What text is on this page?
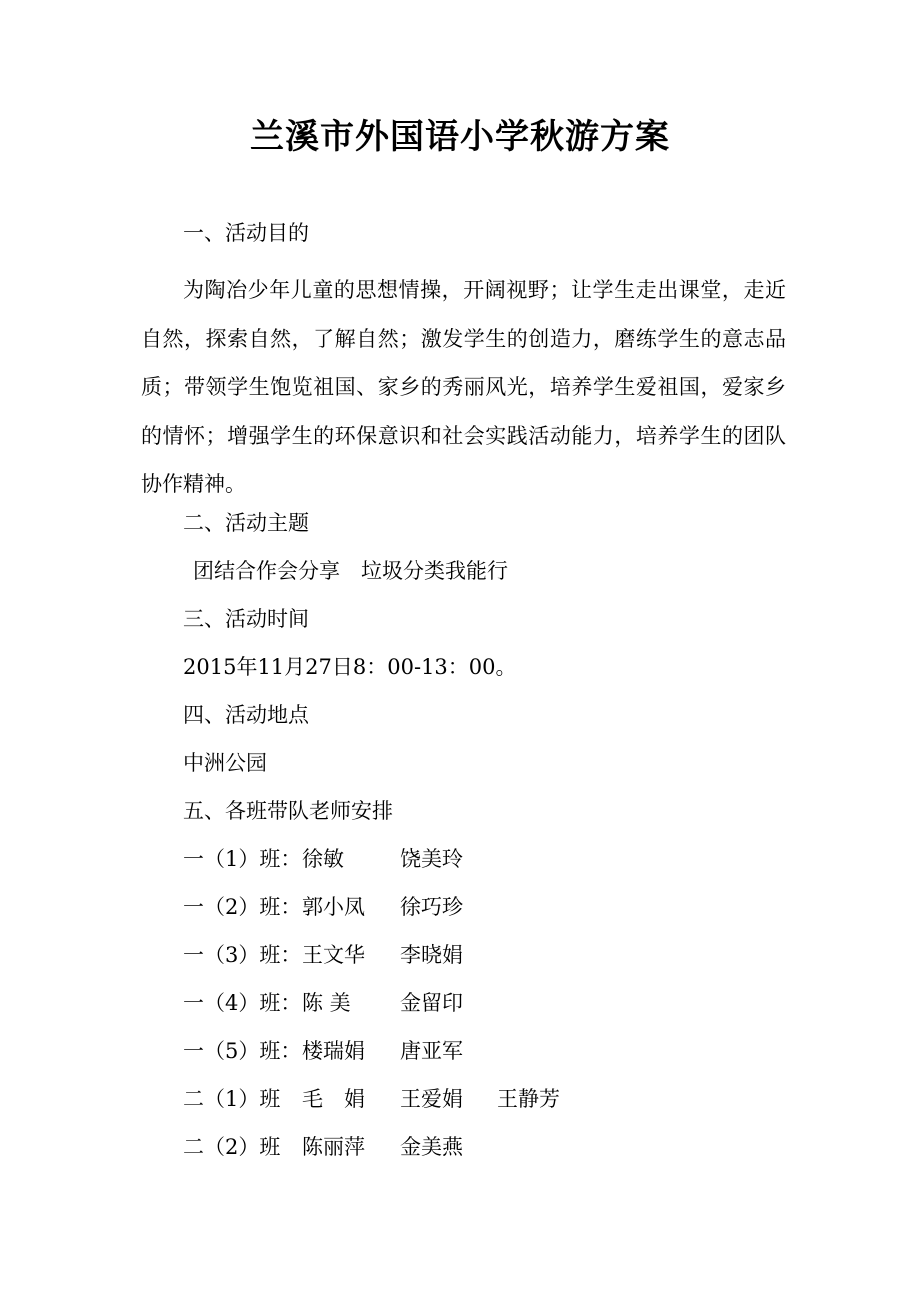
兰溪市外国语小学秋游方案
一、活动目的
为陶冶少年儿童的思想情操，开阔视野；让学生走出课堂，走近自然，探索自然，了解自然；激发学生的创造力，磨练学生的意志品质；带领学生饱览祖国、家乡的秀丽风光，培养学生爱祖国，爱家乡的情怀；增强学生的环保意识和社会实践活动能力，培养学生的团队协作精神。
二、活动主题
团结合作会分享　垃圾分类我能行
三、活动时间
2015年11月27日8：00-13：00。
四、活动地点
中洲公园
五、各班带队老师安排
一（1）班： 徐敏	饶美玲
一（2）班： 郭小凤 徐巧珍
一（3）班： 王文华 李晓娟
一（4）班： 陈 美 金留印
一（5）班： 楼瑞娟 唐亚军
二（1）班 毛　娟 王爱娟 王静芳
二（2）班 陈丽萍 金美燕
